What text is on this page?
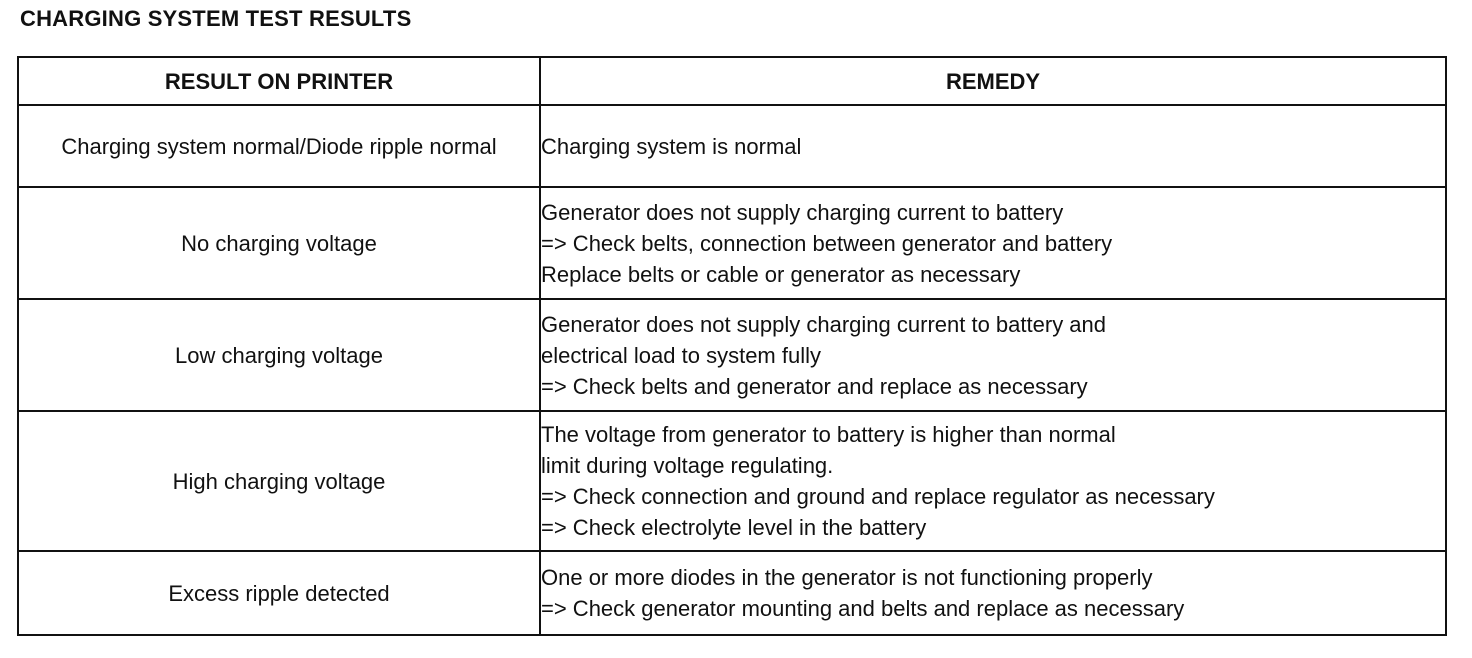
CHARGING SYSTEM TEST RESULTS
RESULT ON PRINTER	REMEDY
Charging system normal/Diode ripple normal	Charging system is normal

No charging voltage	Generator does not supply charging current to battery
=> Check belts, connection between generator and battery
Replace belts or cable or generator as necessary

Low charging voltage	Generator does not supply charging current to battery and
electrical load to system fully
=> Check belts and generator and replace as necessary

High charging voltage	The voltage from generator to battery is higher than normal
limit during voltage regulating.
=> Check connection and ground and replace regulator as necessary
=> Check electrolyte level in the battery

Excess ripple detected	One or more diodes in the generator is not functioning properly
=> Check generator mounting and belts and replace as necessary
